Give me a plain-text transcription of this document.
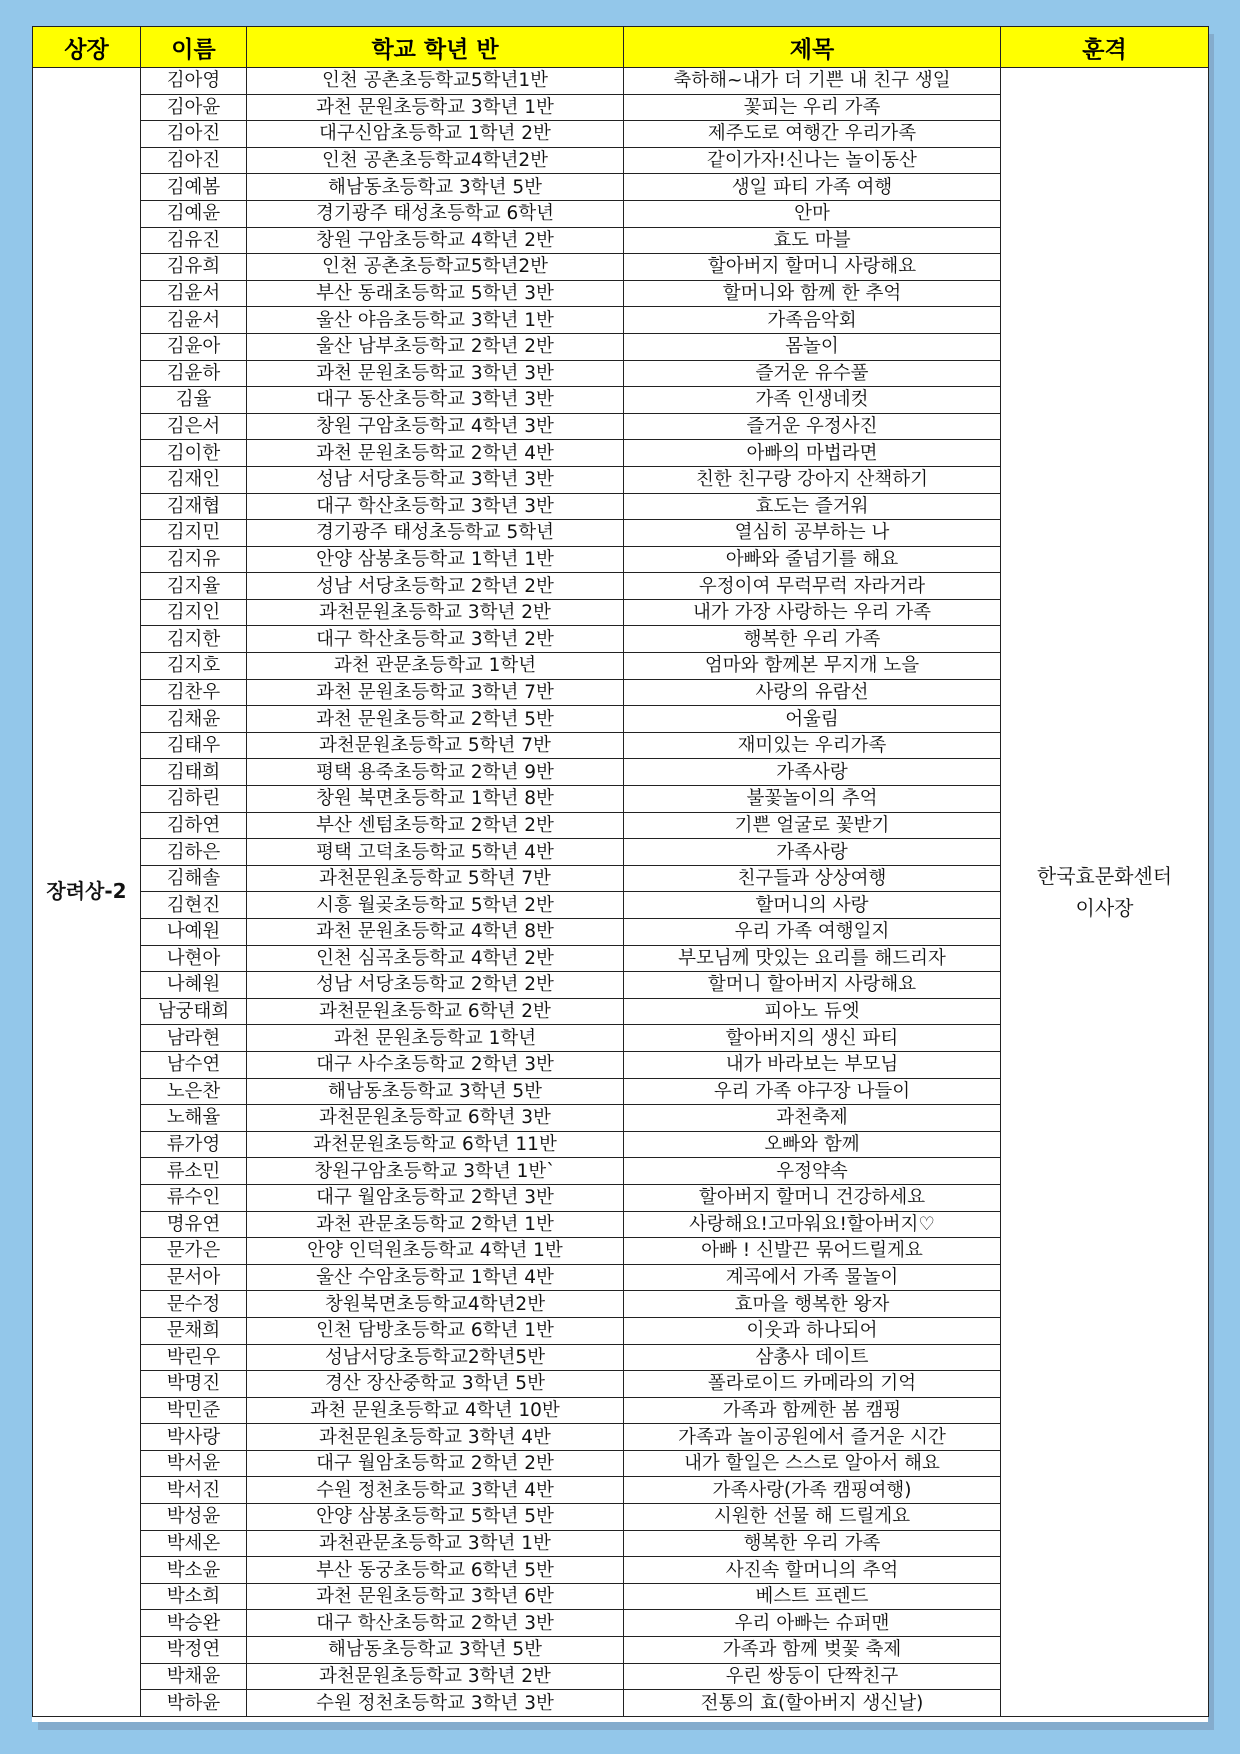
상장	이름	학교 학년 반	제목	훈격
장려상-2	김아영	인천 공촌초등학교5학년1반	축하해~내가 더 기쁜 내 친구 생일	한국효문화센터
이사장

	김아윤	과천 문원초등학교 3학년 1반	꽃피는 우리 가족	
	김아진	대구신암초등학교 1학년 2반	제주도로 여행간 우리가족	
	김아진	인천 공촌초등학교4학년2반	같이가자!신나는 놀이동산	
	김예봄	해남동초등학교 3학년 5반	생일 파티 가족 여행	
	김예윤	경기광주 태성초등학교 6학년	안마	
	김유진	창원 구암초등학교 4학년 2반	효도 마블	
	김유희	인천 공촌초등학교5학년2반	할아버지 할머니 사랑해요	
	김윤서	부산 동래초등학교 5학년 3반	할머니와 함께 한 추억	
	김윤서	울산 야음초등학교 3학년 1반	가족음악회	
	김윤아	울산 남부초등학교 2학년 2반	몸놀이	
	김윤하	과천 문원초등학교 3학년 3반	즐거운 유수풀	
	김율	대구 동산초등학교 3학년 3반	가족 인생네컷	
	김은서	창원 구암초등학교 4학년 3반	즐거운 우정사진	
	김이한	과천 문원초등학교 2학년 4반	아빠의 마법라면	
	김재인	성남 서당초등학교 3학년 3반	친한 친구랑 강아지 산책하기	
	김재협	대구 학산초등학교 3학년 3반	효도는 즐거워	
	김지민	경기광주 태성초등학교 5학년	열심히 공부하는 나	
	김지유	안양 삼봉초등학교 1학년 1반	아빠와 줄넘기를 해요	
	김지율	성남 서당초등학교 2학년 2반	우정이여 무럭무럭 자라거라	
	김지인	과천문원초등학교 3학년 2반	내가 가장 사랑하는 우리 가족	
	김지한	대구 학산초등학교 3학년 2반	행복한 우리 가족	
	김지호	과천 관문초등학교 1학년	엄마와 함께본 무지개 노을	
	김찬우	과천 문원초등학교 3학년 7반	사랑의 유람선	
	김채윤	과천 문원초등학교 2학년 5반	어울림	
	김태우	과천문원초등학교 5학년 7반	재미있는 우리가족	
	김태희	평택 용죽초등학교 2학년 9반	가족사랑	
	김하린	창원 북면초등학교 1학년 8반	불꽃놀이의 추억	
	김하연	부산 센텀초등학교 2학년 2반	기쁜 얼굴로 꽃받기	
	김하은	평택 고덕초등학교 5학년 4반	가족사랑	
	김해솔	과천문원초등학교 5학년 7반	친구들과 상상여행	
	김현진	시흥 월곶초등학교 5학년 2반	할머니의 사랑	
	나예원	과천 문원초등학교 4학년 8반	우리 가족 여행일지	
	나현아	인천 심곡초등학교 4학년 2반	부모님께 맛있는 요리를 해드리자	
	나혜원	성남 서당초등학교 2학년 2반	할머니 할아버지 사랑해요	
	남궁태희	과천문원초등학교 6학년 2반	피아노 듀엣	
	남라현	과천 문원초등학교 1학년	할아버지의 생신 파티	
	남수연	대구 사수초등학교 2학년 3반	내가 바라보는 부모님	
	노은찬	해남동초등학교 3학년 5반	우리 가족 야구장 나들이	
	노해율	과천문원초등학교 6학년 3반	과천축제	
	류가영	과천문원초등학교 6학년 11반	오빠와 함께	
	류소민	창원구암초등학교 3학년 1반`	우정약속	
	류수인	대구 월암초등학교 2학년 3반	할아버지 할머니 건강하세요	
	명유연	과천 관문초등학교 2학년 1반	사랑해요!고마워요!할아버지♡	
	문가은	안양 인덕원초등학교 4학년 1반	아빠 ! 신발끈 묶어드릴게요	
	문서아	울산 수암초등학교 1학년 4반	계곡에서 가족 물놀이	
	문수정	창원북면초등학교4학년2반	효마을 행복한 왕자	
	문채희	인천 담방초등학교 6학년 1반	이웃과 하나되어	
	박린우	성남서당초등학교2학년5반	삼총사 데이트	
	박명진	경산 장산중학교 3학년 5반	폴라로이드 카메라의 기억	
	박민준	과천 문원초등학교 4학년 10반	가족과 함께한 봄 캠핑	
	박사랑	과천문원초등학교 3학년 4반	가족과 놀이공원에서 즐거운 시간	
	박서윤	대구 월암초등학교 2학년 2반	내가 할일은 스스로 알아서 해요	
	박서진	수원 정천초등학교 3학년 4반	가족사랑(가족 캠핑여행)	
	박성윤	안양 삼봉초등학교 5학년 5반	시원한 선물 해 드릴게요	
	박세온	과천관문초등학교 3학년 1반	행복한 우리 가족	
	박소윤	부산 동궁초등학교 6학년 5반	사진속 할머니의 추억	
	박소희	과천 문원초등학교 3학년 6반	베스트 프렌드	
	박승완	대구 학산초등학교 2학년 3반	우리 아빠는 슈퍼맨	
	박정연	해남동초등학교 3학년 5반	가족과 함께 벚꽃 축제	
	박채윤	과천문원초등학교 3학년 2반	우린 쌍둥이 단짝친구	
	박하윤	수원 정천초등학교 3학년 3반	전통의 효(할아버지 생신날)	
